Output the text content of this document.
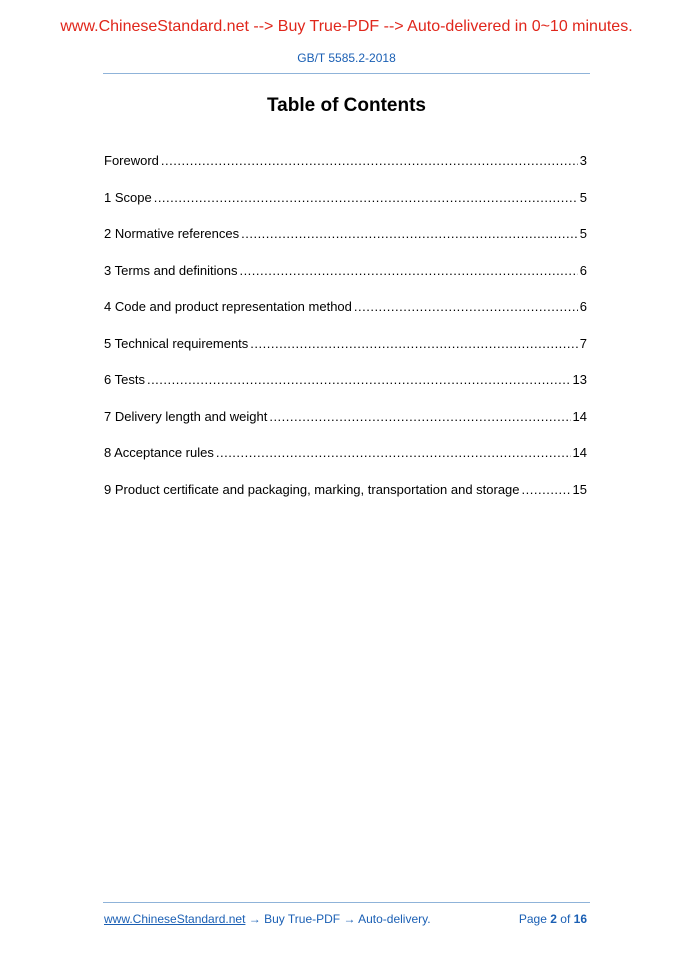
www.ChineseStandard.net --> Buy True-PDF --> Auto-delivered in 0~10 minutes.
GB/T 5585.2-2018
Table of Contents
Foreword .....	3
1 Scope .....	5
2 Normative references .....	5
3 Terms and definitions .....	6
4 Code and product representation method .....	6
5 Technical requirements .....	7
6 Tests .....	13
7 Delivery length and weight .....	14
8 Acceptance rules .....	14
9 Product certificate and packaging, marking, transportation and storage .....	15
www.ChineseStandard.net → Buy True-PDF → Auto-delivery.	Page 2 of 16
